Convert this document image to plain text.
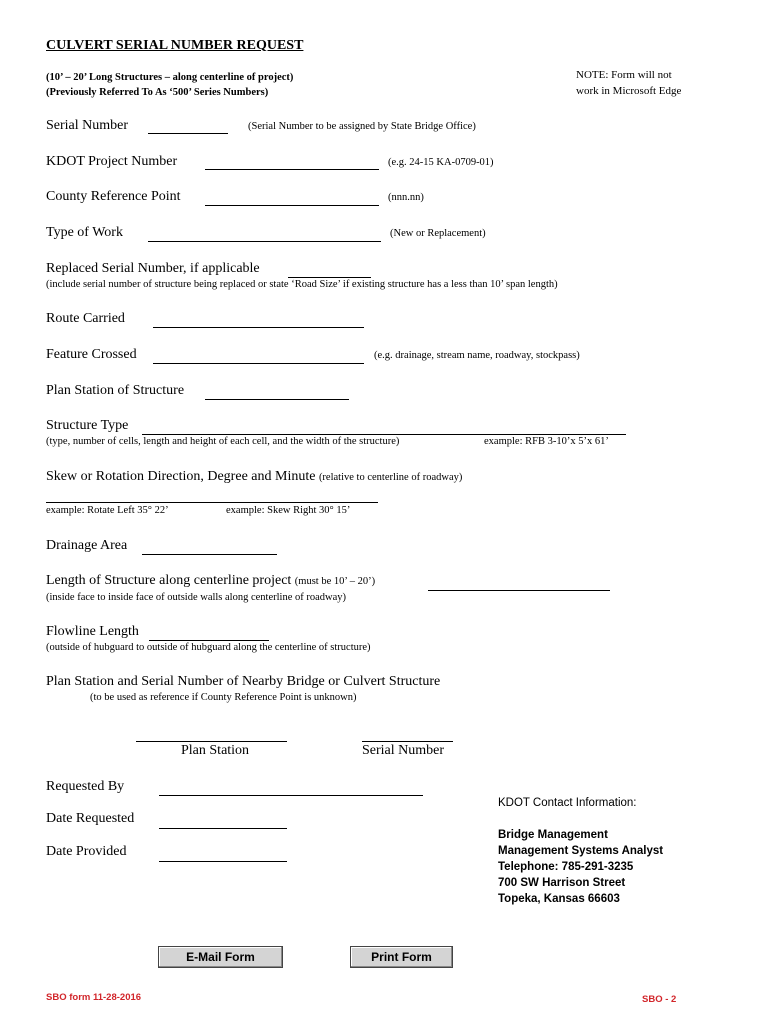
CULVERT SERIAL NUMBER REQUEST
(10’ – 20’ Long Structures – along centerline of project)
(Previously Referred To As ‘500’ Series Numbers)
NOTE: Form will not
work in Microsoft Edge
Serial Number	(Serial Number to be assigned by State Bridge Office)
KDOT Project Number	(e.g. 24-15 KA-0709-01)
County Reference Point	(nnn.nn)
Type of Work	(New or Replacement)
Replaced Serial Number, if applicable
(include serial number of structure being replaced or state ‘Road Size’ if existing structure has a less than 10’ span length)
Route Carried
Feature Crossed	(e.g. drainage, stream name, roadway, stockpass)
Plan Station of Structure
Structure Type
(type, number of cells, length and height of each cell, and the width of the structure)	example: RFB 3-10’x 5’x 61’
Skew or Rotation Direction, Degree and Minute (relative to centerline of roadway)
example: Rotate Left 35° 22’	example: Skew Right 30° 15’
Drainage Area
Length of Structure along centerline project (must be 10’ – 20’)
(inside face to inside face of outside walls along centerline of roadway)
Flowline Length
(outside of hubguard to outside of hubguard along the centerline of structure)
Plan Station and Serial Number of Nearby Bridge or Culvert Structure
(to be used as reference if County Reference Point is unknown)
Plan Station	Serial Number
Requested By
Date Requested
Date Provided
KDOT Contact Information:
Bridge Management
Management Systems Analyst
Telephone: 785-291-3235
700 SW Harrison Street
Topeka, Kansas 66603
E-Mail Form	Print Form
SBO form 11-28-2016	SBO - 2
